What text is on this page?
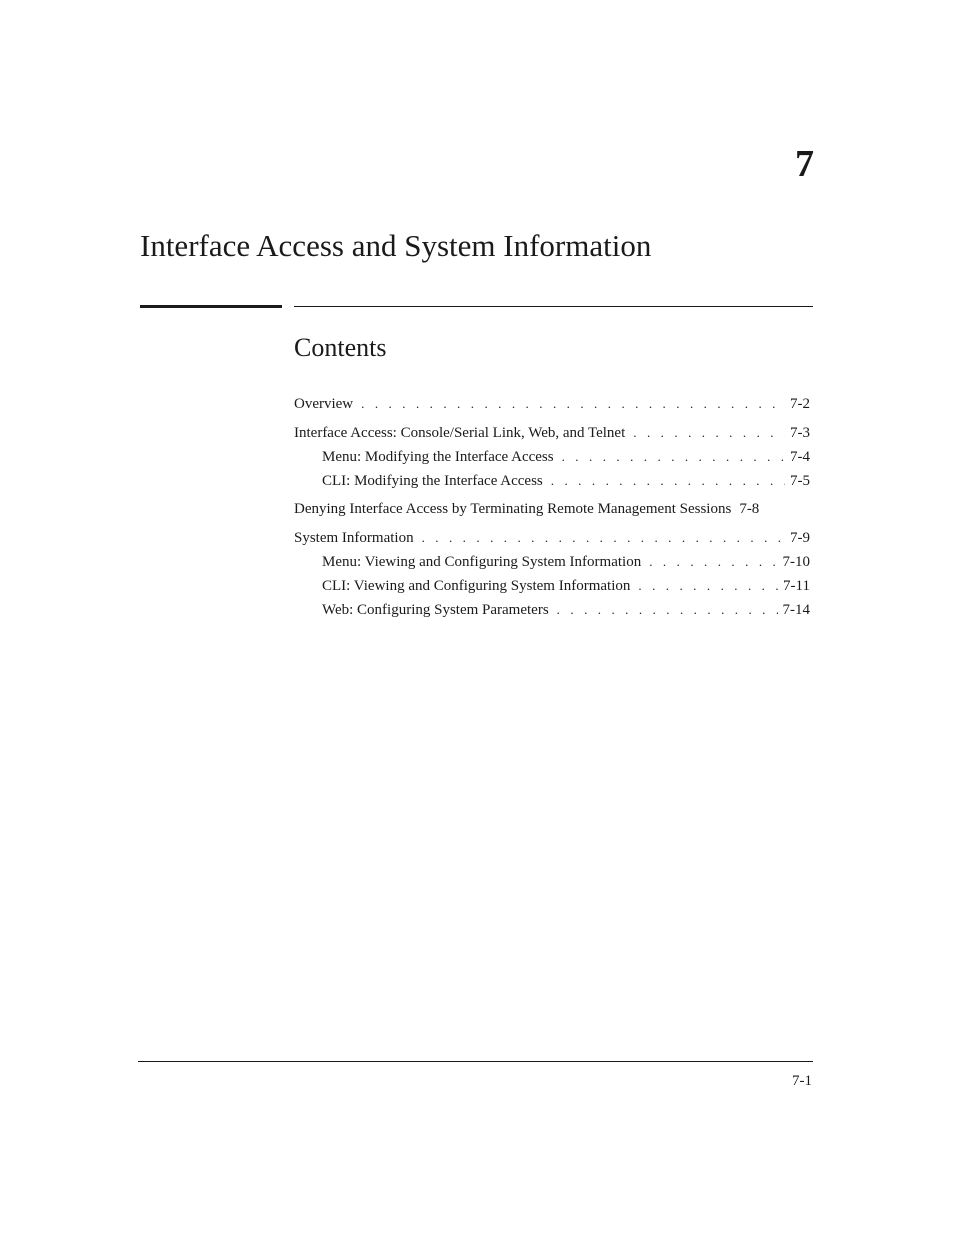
7
Interface Access and System Information
Contents
Overview . . .	7-2
Interface Access: Console/Serial Link, Web, and Telnet . . .	7-3
Menu: Modifying the Interface Access . . .	7-4
CLI: Modifying the Interface Access . . .	7-5
Denying Interface Access by Terminating Remote Management Sessions 7-8
System Information . . .	7-9
Menu: Viewing and Configuring System Information . . .	7-10
CLI: Viewing and Configuring System Information . . .	7-11
Web: Configuring System Parameters . . .	7-14
7-1
